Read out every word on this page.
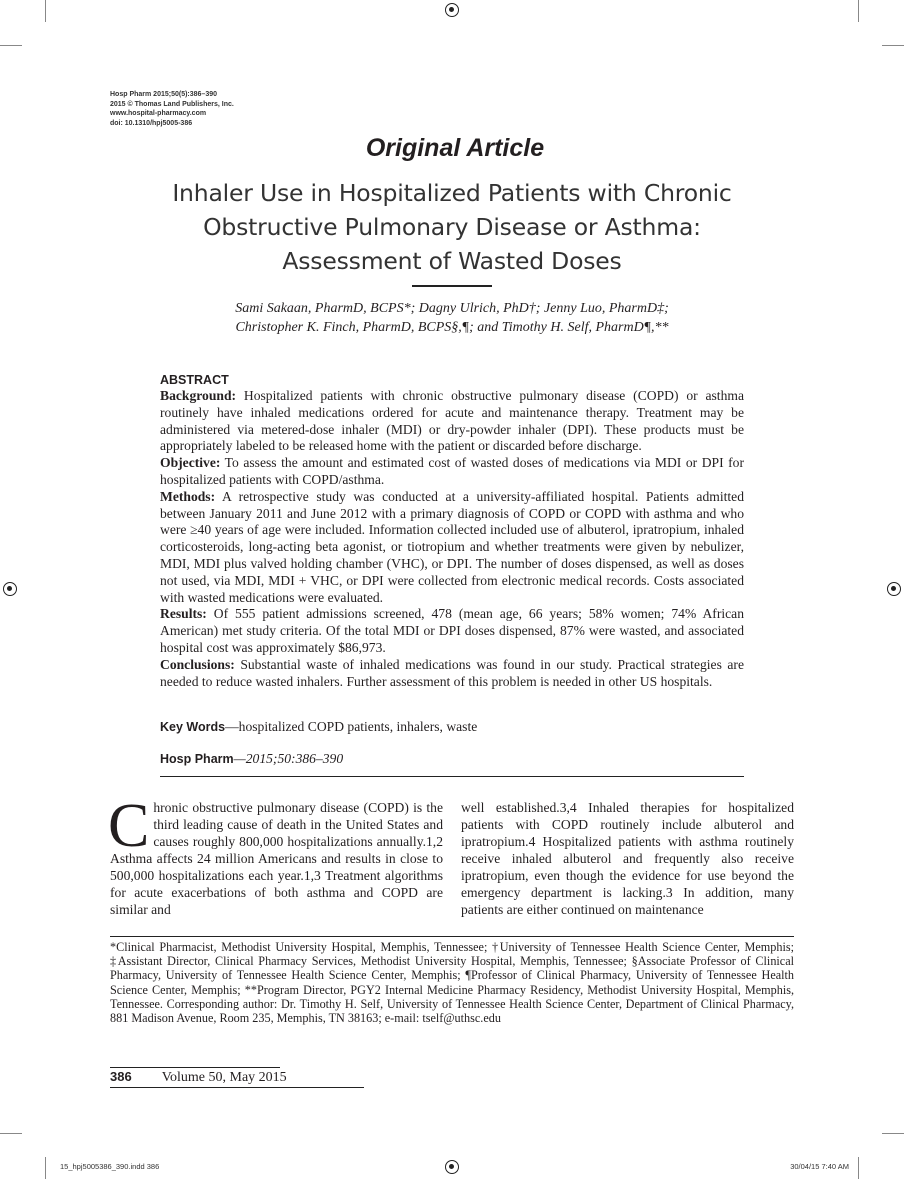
Hosp Pharm 2015;50(5):386–390
2015 © Thomas Land Publishers, Inc.
www.hospital-pharmacy.com
doi: 10.1310/hpj5005-386
Original Article
Inhaler Use in Hospitalized Patients with Chronic Obstructive Pulmonary Disease or Asthma: Assessment of Wasted Doses
Sami Sakaan, PharmD, BCPS*; Dagny Ulrich, PhD†; Jenny Luo, PharmD‡;
Christopher K. Finch, PharmD, BCPS§,¶; and Timothy H. Self, PharmD¶,**
ABSTRACT

Background: Hospitalized patients with chronic obstructive pulmonary disease (COPD) or asthma routinely have inhaled medications ordered for acute and maintenance therapy. Treatment may be administered via metered-dose inhaler (MDI) or dry-powder inhaler (DPI). These products must be appropriately labeled to be released home with the patient or discarded before discharge.

Objective: To assess the amount and estimated cost of wasted doses of medications via MDI or DPI for hospitalized patients with COPD/asthma.

Methods: A retrospective study was conducted at a university-affiliated hospital. Patients admitted between January 2011 and June 2012 with a primary diagnosis of COPD or COPD with asthma and who were ≥40 years of age were included. Information collected included use of albuterol, ipratropium, inhaled corticosteroids, long-acting beta agonist, or tiotropium and whether treatments were given by nebulizer, MDI, MDI plus valved holding chamber (VHC), or DPI. The number of doses dispensed, as well as doses not used, via MDI, MDI + VHC, or DPI were collected from electronic medical records. Costs associated with wasted medications were evaluated.

Results: Of 555 patient admissions screened, 478 (mean age, 66 years; 58% women; 74% African American) met study criteria. Of the total MDI or DPI doses dispensed, 87% were wasted, and associated hospital cost was approximately $86,973.

Conclusions: Substantial waste of inhaled medications was found in our study. Practical strategies are needed to reduce wasted inhalers. Further assessment of this problem is needed in other US hospitals.

Key Words—hospitalized COPD patients, inhalers, waste
Hosp Pharm—2015;50:386–390
Chronic obstructive pulmonary disease (COPD) is the third leading cause of death in the United States and causes roughly 800,000 hospitalizations annually.1,2 Asthma affects 24 million Americans and results in close to 500,000 hospitalizations each year.1,3 Treatment algorithms for acute exacerbations of both asthma and COPD are similar and
well established.3,4 Inhaled therapies for hospitalized patients with COPD routinely include albuterol and ipratropium.4 Hospitalized patients with asthma routinely receive inhaled albuterol and frequently also receive ipratropium, even though the evidence for use beyond the emergency department is lacking.3 In addition, many patients are either continued on maintenance
*Clinical Pharmacist, Methodist University Hospital, Memphis, Tennessee; †University of Tennessee Health Science Center, Memphis; ‡Assistant Director, Clinical Pharmacy Services, Methodist University Hospital, Memphis, Tennessee; §Associate Professor of Clinical Pharmacy, University of Tennessee Health Science Center, Memphis; ¶Professor of Clinical Pharmacy, University of Tennessee Health Science Center, Memphis; **Program Director, PGY2 Internal Medicine Pharmacy Residency, Methodist University Hospital, Memphis, Tennessee. Corresponding author: Dr. Timothy H. Self, University of Tennessee Health Science Center, Department of Clinical Pharmacy, 881 Madison Avenue, Room 235, Memphis, TN 38163; e-mail: tself@uthsc.edu
386 Volume 50, May 2015
15_hpj5005386_390.indd 386	30/04/15 7:40 AM
